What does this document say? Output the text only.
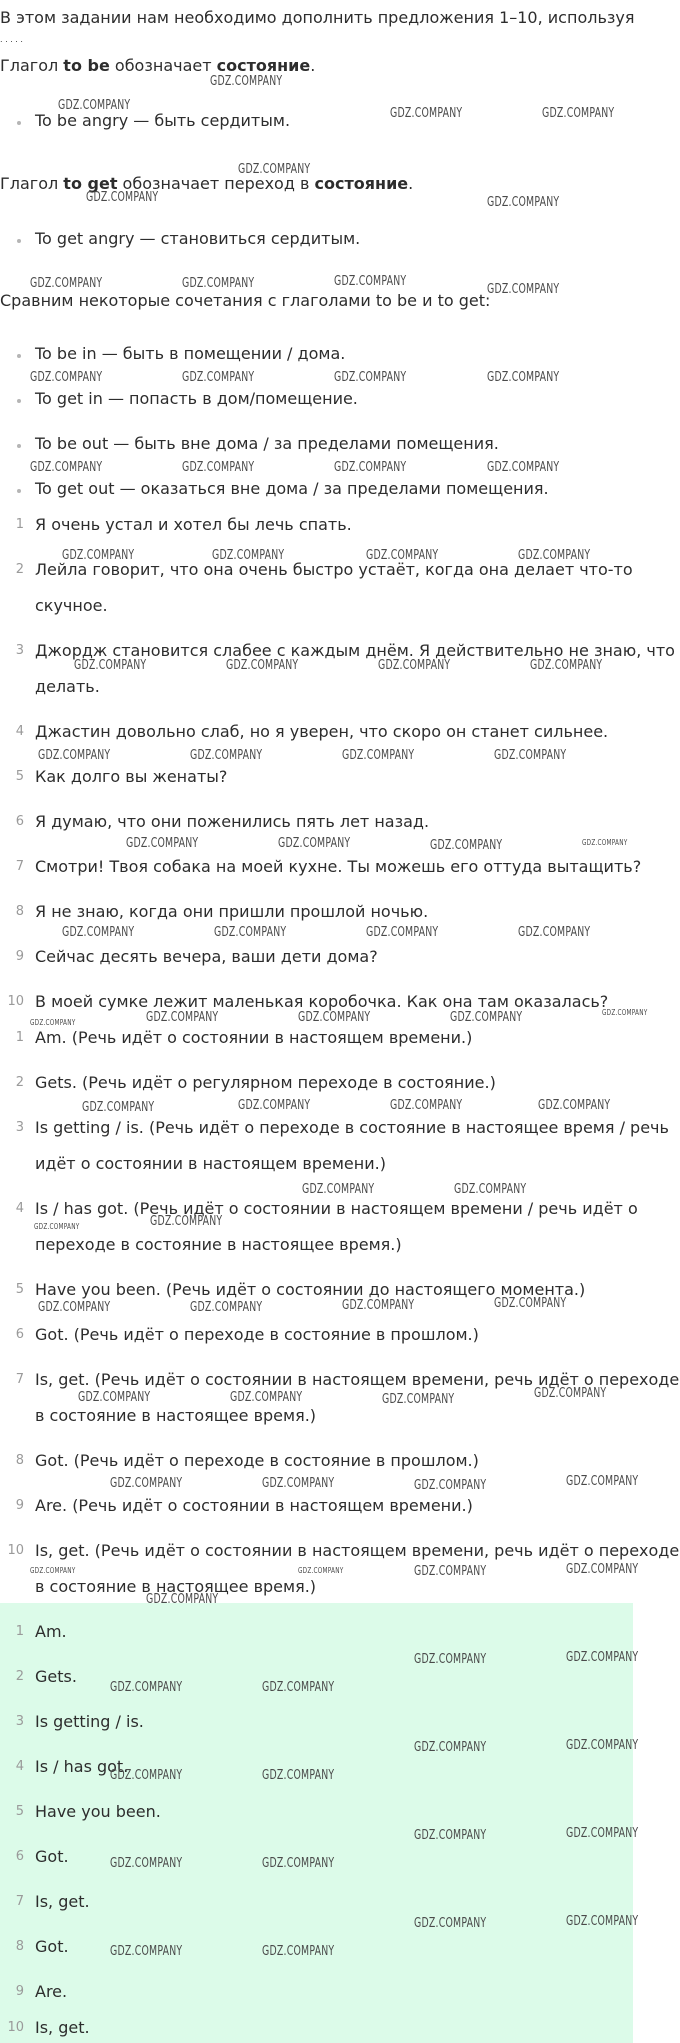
В этом задании нам необходимо дополнить предложения 1–10, используя
. . . . .
Глагол to be обозначает состояние.
To be angry — быть сердитым.
Глагол to get обозначает переход в состояние.
To get angry — становиться сердитым.
Сравним некоторые сочетания с глаголами to be и to get:
To be in — быть в помещении / дома.
To get in — попасть в дом/помещение.
To be out — быть вне дома / за пределами помещения.
To get out — оказаться вне дома / за пределами помещения.
1 Я очень устал и хотел бы лечь спать.
2 Лейла говорит, что она очень быстро устаёт, когда она делает что-то
скучное.
3 Джордж становится слабее с каждым днём. Я действительно не знаю, что
делать.
4 Джастин довольно слаб, но я уверен, что скоро он станет сильнее.
5 Как долго вы женаты?
6 Я думаю, что они поженились пять лет назад.
7 Смотри! Твоя собака на моей кухне. Ты можешь его оттуда вытащить?
8 Я не знаю, когда они пришли прошлой ночью.
9 Сейчас десять вечера, ваши дети дома?
10 В моей сумке лежит маленькая коробочка. Как она там оказалась?
1 Am. (Речь идёт о состоянии в настоящем времени.)
2 Gets. (Речь идёт о регулярном переходе в состояние.)
3 Is getting / is. (Речь идёт о переходе в состояние в настоящее время / речь
идёт о состоянии в настоящем времени.)
4 Is / has got. (Речь идёт о состоянии в настоящем времени / речь идёт о
переходе в состояние в настоящее время.)
5 Have you been. (Речь идёт о состоянии до настоящего момента.)
6 Got. (Речь идёт о переходе в состояние в прошлом.)
7 Is, get. (Речь идёт о состоянии в настоящем времени, речь идёт о переходе
в состояние в настоящее время.)
8 Got. (Речь идёт о переходе в состояние в прошлом.)
9 Are. (Речь идёт о состоянии в настоящем времени.)
10 Is, get. (Речь идёт о состоянии в настоящем времени, речь идёт о переходе
в состояние в настоящее время.)
1 Am.
2 Gets.
3 Is getting / is.
4 Is / has got.
5 Have you been.
6 Got.
7 Is, get.
8 Got.
9 Are.
10 Is, get.
GDZ.COMPANY
GDZ.COMPANY
GDZ.COMPANY	GDZ.COMPANY
GDZ.COMPANY
GDZ.COMPANY	GDZ.COMPANY
GDZ.COMPANY	GDZ.COMPANY	GDZ.COMPANY
GDZ.COMPANY
GDZ.COMPANY	GDZ.COMPANY	GDZ.COMPANY	GDZ.COMPANY
GDZ.COMPANY	GDZ.COMPANY	GDZ.COMPANY	GDZ.COMPANY
GDZ.COMPANY	GDZ.COMPANY	GDZ.COMPANY	GDZ.COMPANY
GDZ.COMPANY	GDZ.COMPANY	GDZ.COMPANY	GDZ.COMPANY
GDZ.COMPANY	GDZ.COMPANY	GDZ.COMPANY	GDZ.COMPANY
GDZ.COMPANY	GDZ.COMPANY	GDZ.COMPANY
GDZ.COMPANY	GDZ.COMPANY	GDZ.COMPANY	GDZ.COMPANY
GDZ.COMPANY	GDZ.COMPANY	GDZ.COMPANY
GDZ.COMPANY	GDZ.COMPANY	GDZ.COMPANY	GDZ.COMPANY
GDZ.COMPANY	GDZ.COMPANY
GDZ.COMPANY
GDZ.COMPANY	GDZ.COMPANY	GDZ.COMPANY	GDZ.COMPANY
GDZ.COMPANY	GDZ.COMPANY	GDZ.COMPANY	GDZ.COMPANY
GDZ.COMPANY	GDZ.COMPANY	GDZ.COMPANY	GDZ.COMPANY
GDZ.COMPANY	GDZ.COMPANY
GDZ.COMPANY
GDZ.COMPANY	GDZ.COMPANY
GDZ.COMPANY	GDZ.COMPANY
GDZ.COMPANY	GDZ.COMPANY
GDZ.COMPANY	GDZ.COMPANY
GDZ.COMPANY	GDZ.COMPANY
GDZ.COMPANY	GDZ.COMPANY
GDZ.COMPANY	GDZ.COMPANY
GDZ.COMPANY	GDZ.COMPANY
GDZ.COMPANY
GDZ.COMPANY
GDZ.COMPANY
GDZ.COMPANY	GDZ.COMPANY
GDZ.COMPANY
